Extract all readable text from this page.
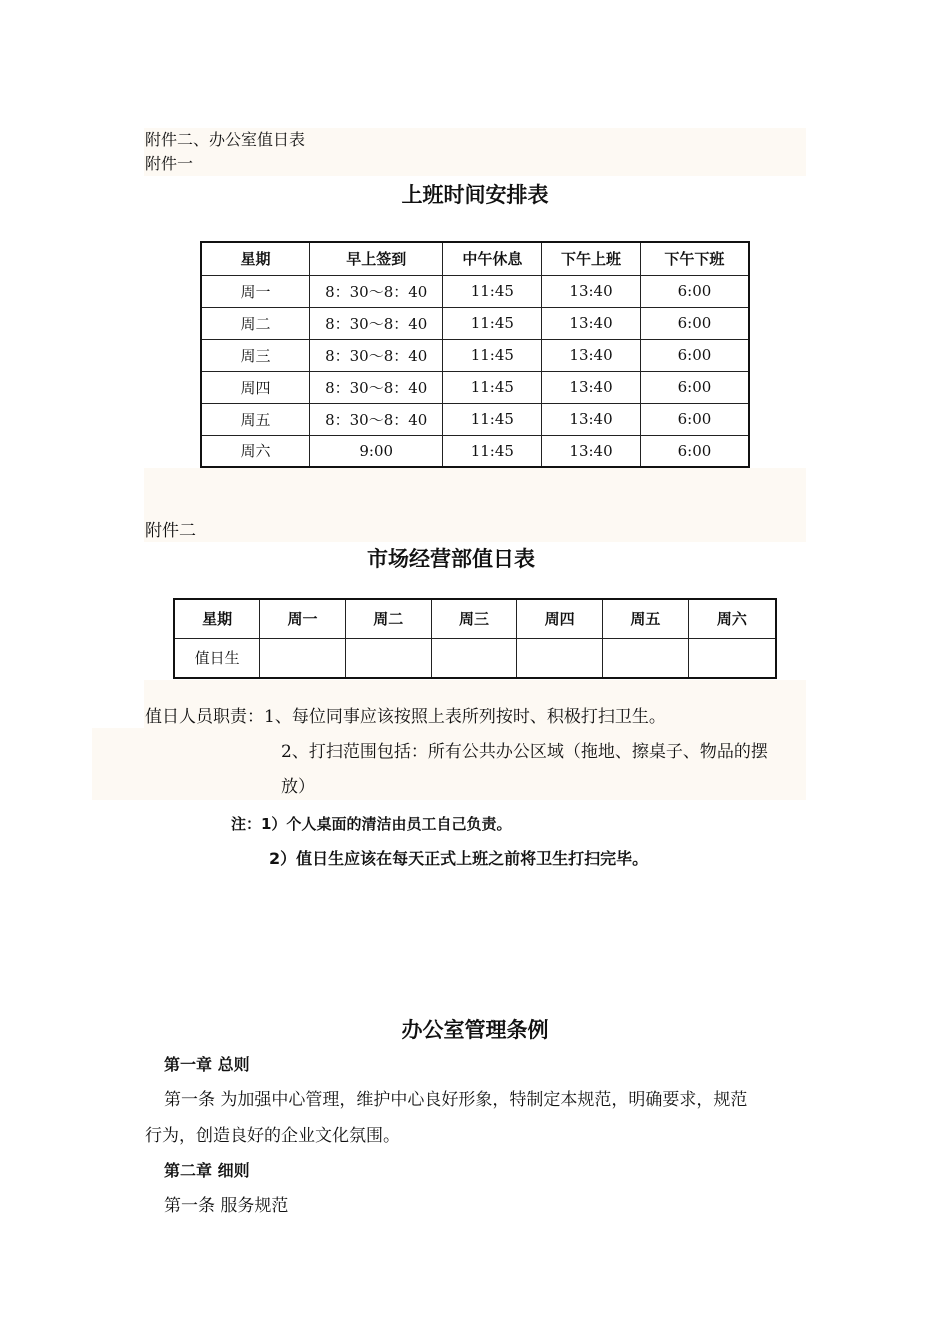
附件二、办公室值日表
附件一
上班时间安排表
星期	早上签到	中午休息	下午上班	下午下班
周一	8：30～8：40	11:45	13:40	6:00
周二	8：30～8：40	11:45	13:40	6:00
周三	8：30～8：40	11:45	13:40	6:00
周四	8：30～8：40	11:45	13:40	6:00
周五	8：30～8：40	11:45	13:40	6:00
周六	9:00	11:45	13:40	6:00
附件二
市场经营部值日表
星期	周一	周二	周三	周四	周五	周六
值日生						
值日人员职责：1、每位同事应该按照上表所列按时、积极打扫卫生。
2、打扫范围包括：所有公共办公区域（拖地、擦桌子、物品的摆
放）
注：1）个人桌面的清洁由员工自己负责。
2）值日生应该在每天正式上班之前将卫生打扫完毕。
办公室管理条例
第一章 总则
第一条 为加强中心管理，维护中心良好形象，特制定本规范，明确要求，规范
行为，创造良好的企业文化氛围。
第二章 细则
第一条 服务规范
